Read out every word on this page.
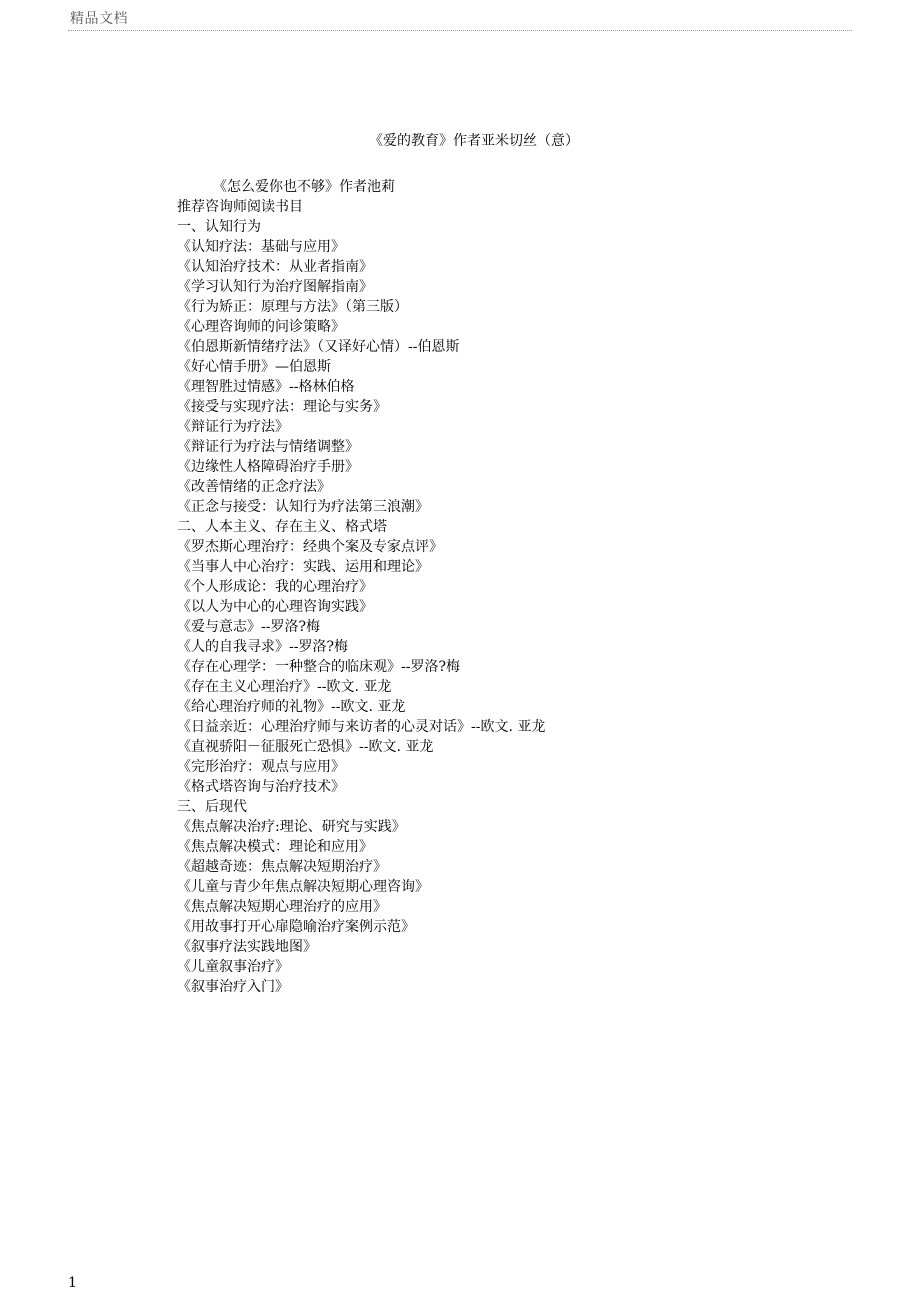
精品文档
《爱的教育》作者亚米切丝（意）
《怎么爱你也不够》作者池莉
推荐咨询师阅读书目
一、认知行为
《认知疗法：基础与应用》
《认知治疗技术：从业者指南》
《学习认知行为治疗图解指南》
《行为矫正：原理与方法》（第三版）
《心理咨询师的问诊策略》
《伯恩斯新情绪疗法》（又译好心情）--伯恩斯
《好心情手册》—伯恩斯
《理智胜过情感》--格林伯格
《接受与实现疗法：理论与实务》
《辩证行为疗法》
《辩证行为疗法与情绪调整》
《边缘性人格障碍治疗手册》
《改善情绪的正念疗法》
《正念与接受：认知行为疗法第三浪潮》
二、人本主义、存在主义、格式塔
《罗杰斯心理治疗：经典个案及专家点评》
《当事人中心治疗：实践、运用和理论》
《个人形成论：我的心理治疗》
《以人为中心的心理咨询实践》
《爱与意志》--罗洛?梅
《人的自我寻求》--罗洛?梅
《存在心理学：一种整合的临床观》--罗洛?梅
《存在主义心理治疗》--欧文. 亚龙
《给心理治疗师的礼物》--欧文. 亚龙
《日益亲近：心理治疗师与来访者的心灵对话》--欧文. 亚龙
《直视骄阳－征服死亡恐惧》--欧文. 亚龙
《完形治疗：观点与应用》
《格式塔咨询与治疗技术》
三、后现代
《焦点解决治疗:理论、研究与实践》
《焦点解决模式：理论和应用》
《超越奇迹：焦点解决短期治疗》
《儿童与青少年焦点解决短期心理咨询》
《焦点解决短期心理治疗的应用》
《用故事打开心扉隐喻治疗案例示范》
《叙事疗法实践地图》
《儿童叙事治疗》
《叙事治疗入门》
1
